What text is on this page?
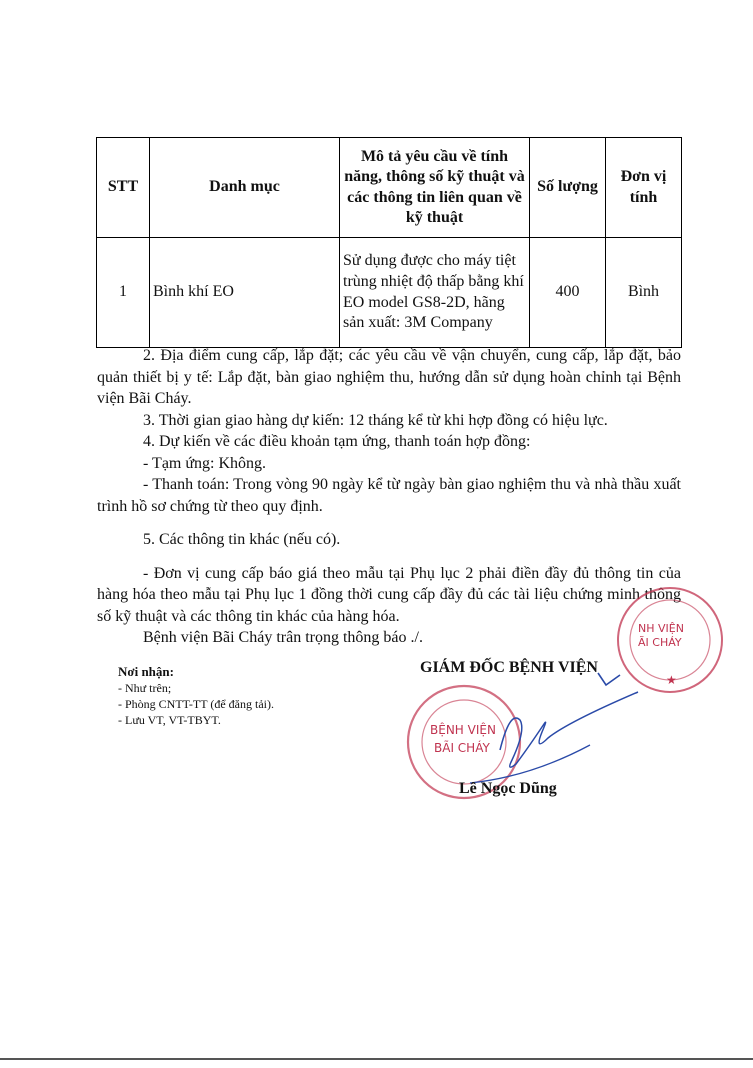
STT	Danh mục	Mô tả yêu cầu về tính năng, thông số kỹ thuật và các thông tin liên quan về kỹ thuật	Số lượng	Đơn vị tính
1	Bình khí EO	Sử dụng được cho máy tiệt trùng nhiệt độ thấp bằng khí EO model GS8-2D, hãng sản xuất: 3M Company	400	Bình

2. Địa điểm cung cấp, lắp đặt; các yêu cầu về vận chuyển, cung cấp, lắp đặt, bảo quản thiết bị y tế: Lắp đặt, bàn giao nghiệm thu, hướng dẫn sử dụng hoàn chỉnh tại Bệnh viện Bãi Cháy.

3. Thời gian giao hàng dự kiến: 12 tháng kể từ khi hợp đồng có hiệu lực.

4. Dự kiến về các điều khoản tạm ứng, thanh toán hợp đồng:

- Tạm ứng: Không.

- Thanh toán: Trong vòng 90 ngày kể từ ngày bàn giao nghiệm thu và nhà thầu xuất trình hồ sơ chứng từ theo quy định.

5. Các thông tin khác (nếu có).

- Đơn vị cung cấp báo giá theo mẫu tại Phụ lục 2 phải điền đầy đủ thông tin của hàng hóa theo mẫu tại Phụ lục 1 đồng thời cung cấp đầy đủ các tài liệu chứng minh thông số kỹ thuật và các thông tin khác của hàng hóa.

Bệnh viện Bãi Cháy trân trọng thông báo ./.

Nơi nhận:
- Như trên;
- Phòng CNTT-TT (để đăng tải).
- Lưu VT, VT-TBYT.
NH VIỆN
ÃI CHÁY
★
GIÁM ĐỐC BỆNH VIỆN
BỆNH VIỆN
BÃI CHÁY
Lê Ngọc Dũng
